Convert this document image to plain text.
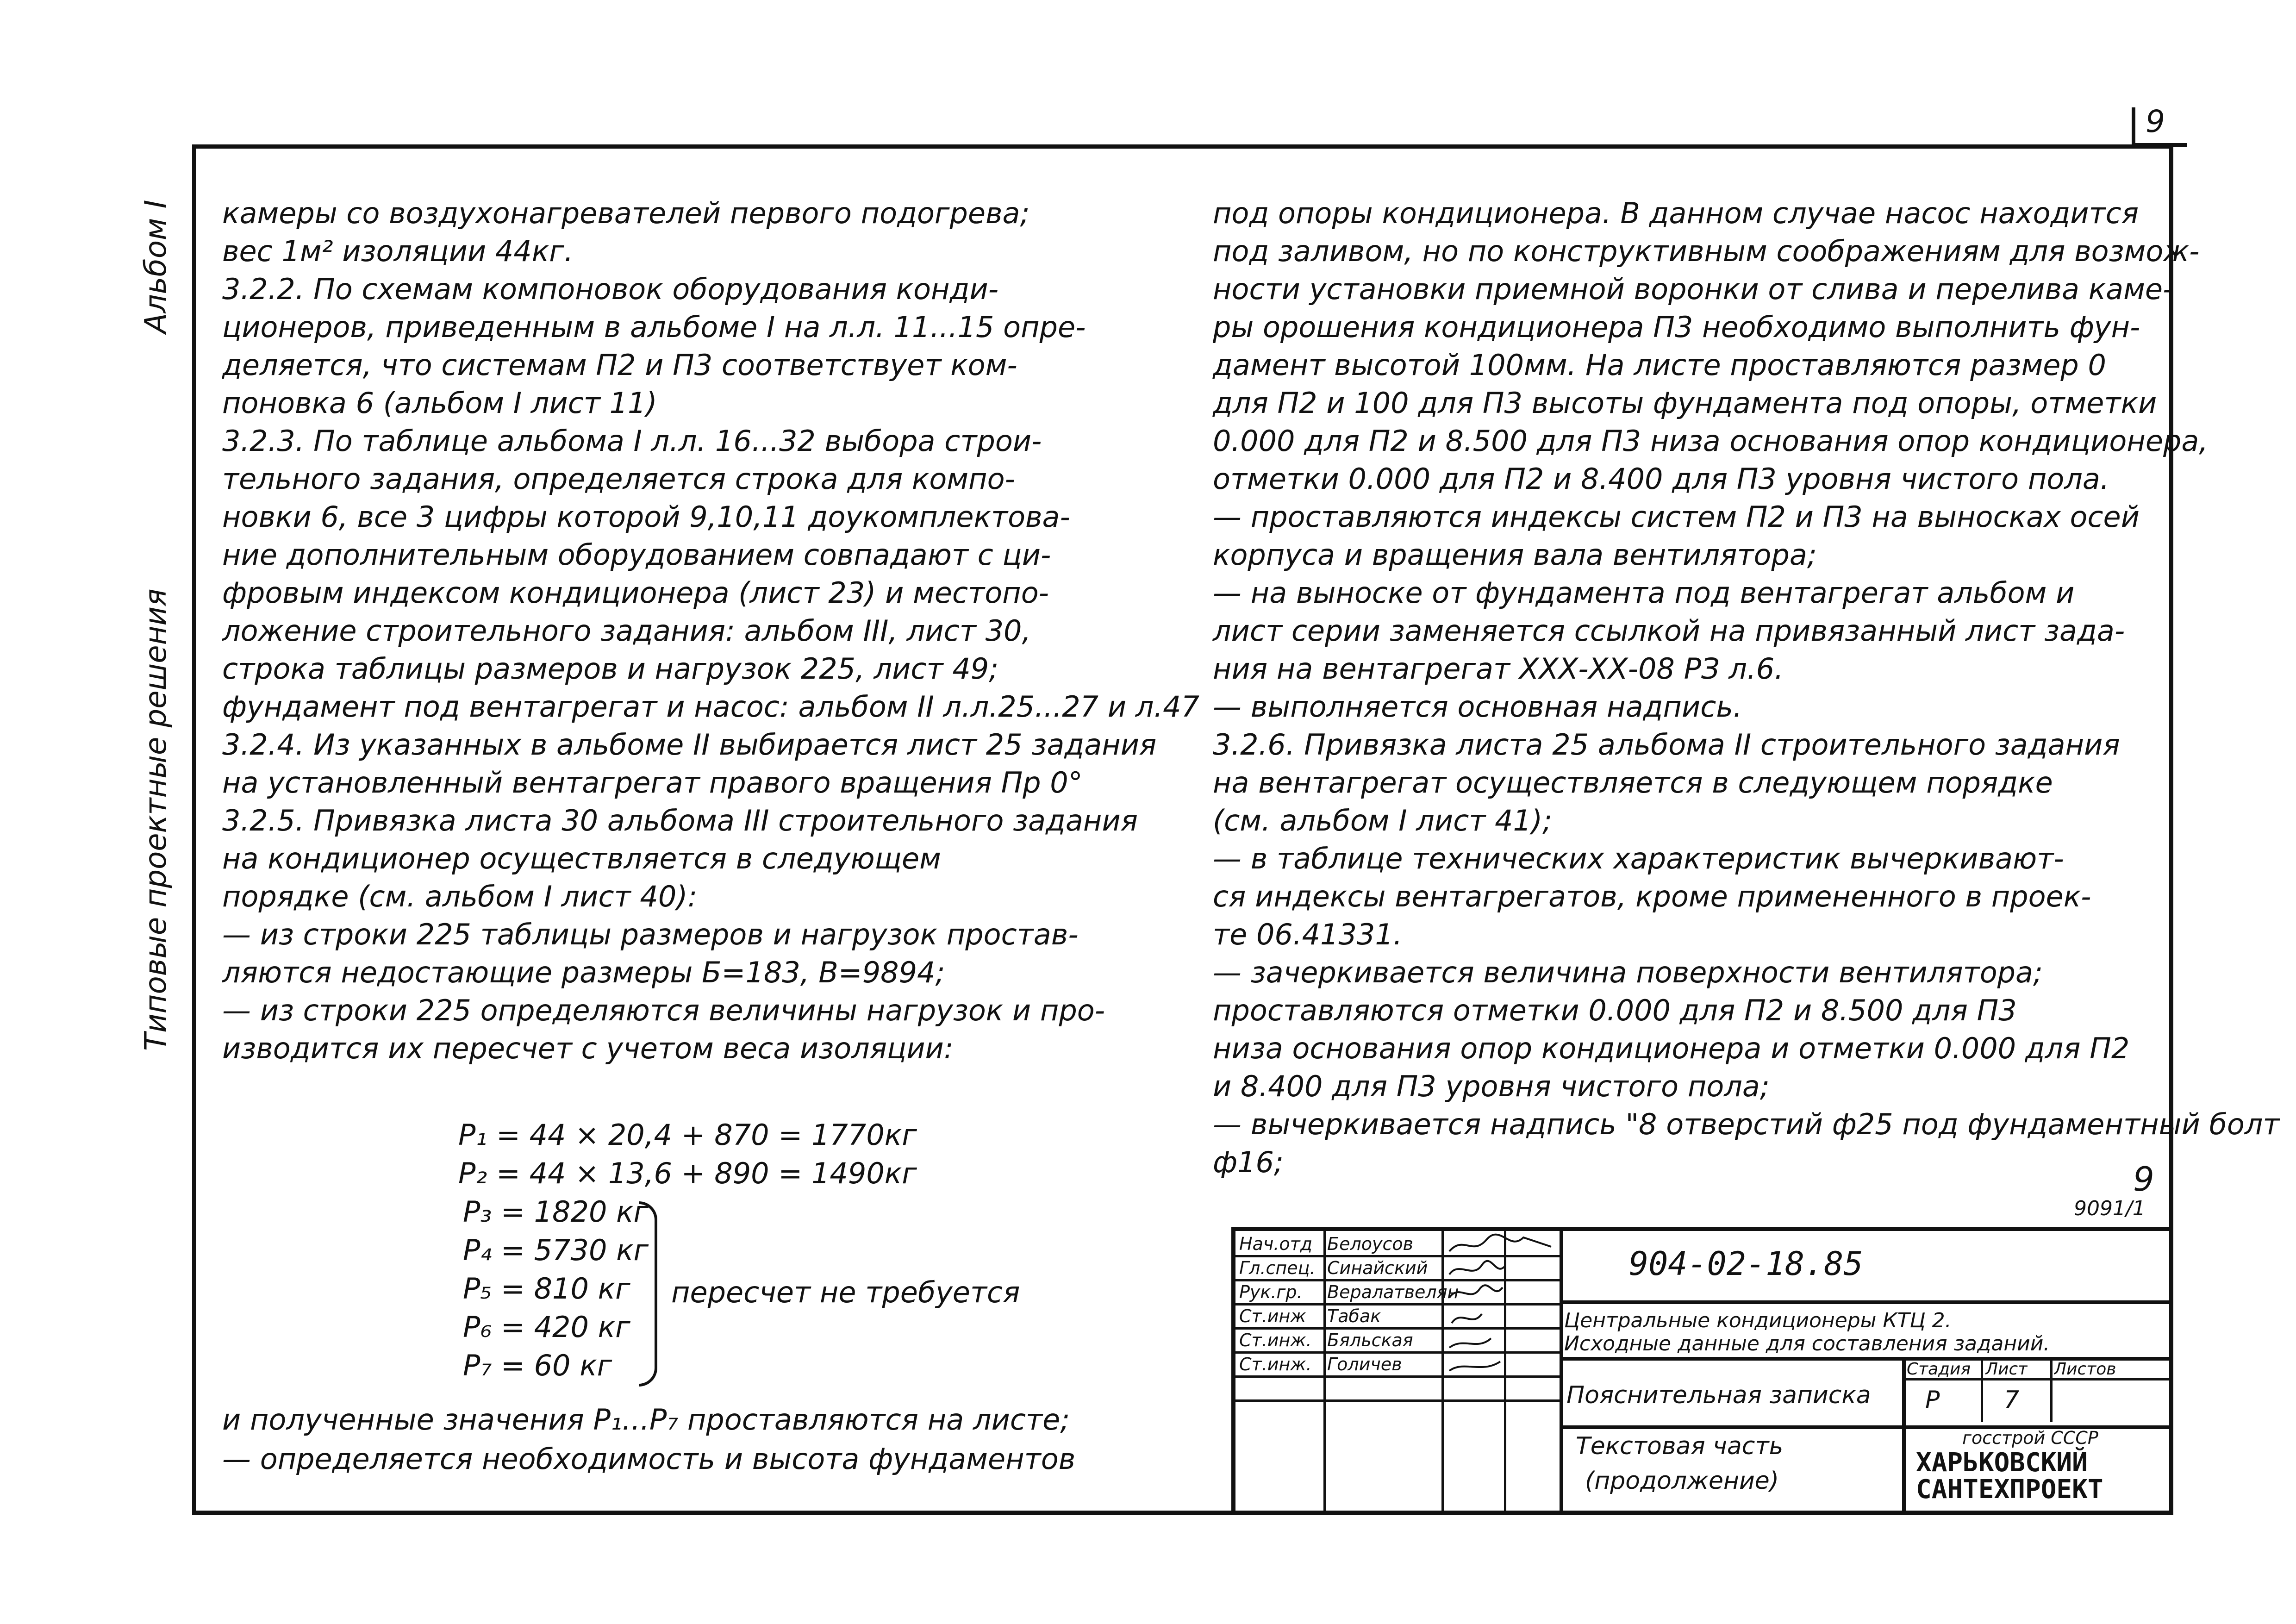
9
Альбом I
Типовые проектные решения
камеры со воздухонагревателей первого подогрева;
вес 1м² изоляции 44кг.
3.2.2. По схемам компоновок оборудования конди-
ционеров, приведенным в альбоме I на л.л. 11...15 опре-
деляется, что системам П2 и П3 соответствует ком-
поновка 6 (альбом I лист 11)
3.2.3. По таблице альбома I л.л. 16...32 выбора строи-
тельного задания, определяется строка для компо-
новки 6, все 3 цифры которой 9,10,11 доукомплектова-
ние дополнительным оборудованием совпадают с ци-
фровым индексом кондиционера (лист 23) и местопо-
ложение строительного задания: альбом III, лист 30,
строка таблицы размеров и нагрузок 225, лист 49;
фундамент под вентагрегат и насос: альбом II л.л.25...27 и л.47
3.2.4. Из указанных в альбоме II выбирается лист 25 задания
на установленный вентагрегат правого вращения Пр 0°
3.2.5. Привязка листа 30 альбома III строительного задания
на кондиционер осуществляется в следующем
порядке (см. альбом I лист 40):
— из строки 225 таблицы размеров и нагрузок простав-
ляются недостающие размеры Б=183, В=9894;
— из строки 225 определяются величины нагрузок и про-
изводится их пересчет с учетом веса изоляции:
P₁ = 44 × 20,4 + 870 = 1770кг
P₂ = 44 × 13,6 + 890 = 1490кг
P₃ = 1820 кг
P₄ = 5730 кг
P₅ = 810 кг
P₆ = 420 кг
P₇ = 60 кг
пересчет не требуется
и полученные значения P₁...P₇ проставляются на листе;
— определяется необходимость и высота фундаментов
под опоры кондиционера. В данном случае насос находится
под заливом, но по конструктивным соображениям для возмож-
ности установки приемной воронки от слива и перелива каме-
ры орошения кондиционера П3 необходимо выполнить фун-
дамент высотой 100мм. На листе проставляются размер 0
для П2 и 100 для П3 высоты фундамента под опоры, отметки
0.000 для П2 и 8.500 для П3 низа основания опор кондиционера,
отметки 0.000 для П2 и 8.400 для П3 уровня чистого пола.
— проставляются индексы систем П2 и П3 на выносках осей
корпуса и вращения вала вентилятора;
— на выноске от фундамента под вентагрегат альбом и
лист серии заменяется ссылкой на привязанный лист зада-
ния на вентагрегат ХХХ-ХХ-08 РЗ л.6.
— выполняется основная надпись.
3.2.6. Привязка листа 25 альбома II строительного задания
на вентагрегат осуществляется в следующем порядке
(см. альбом I лист 41);
— в таблице технических характеристик вычеркивают-
ся индексы вентагрегатов, кроме примененного в проек-
те 06.41331.
— зачеркивается величина поверхности вентилятора;
проставляются отметки 0.000 для П2 и 8.500 для П3
низа основания опор кондиционера и отметки 0.000 для П2
и 8.400 для П3 уровня чистого пола;
— вычеркивается надпись "8 отверстий ф25 под фундаментный болт
ф16;	9
9091/1
Нач.отд Белоусов
Гл.спец. Синайский
Рук.гр. Вералатвелян
Ст.инж Табак
Ст.инж. Бяльская
Ст.инж. Голичев
904-02-18.85
Центральные кондиционеры КТЦ 2.
Исходные данные для составления заданий.
Пояснительная записка
Стадия Лист Листов
Р	7
Текстовая часть
(продолжение)
госстрой СССР
ХАРЬКОВСКИЙ
САНТЕХПРОЕКТ
